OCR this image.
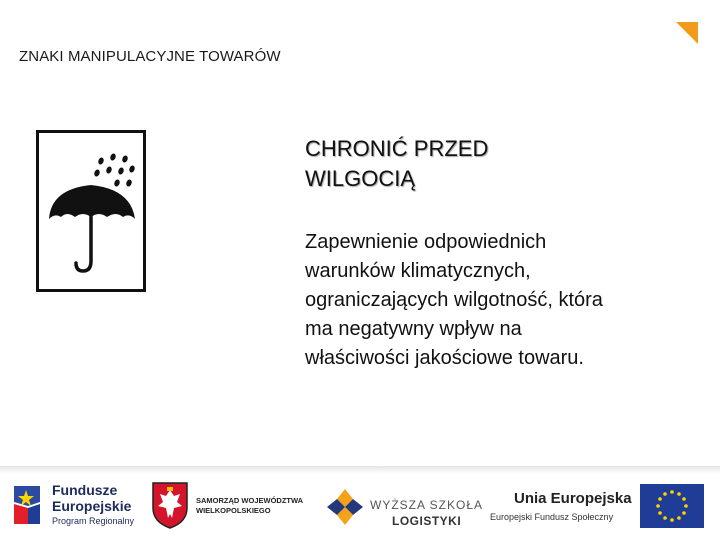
ZNAKI MANIPULACYJNE TOWARÓW
CHRONIĆ PRZED
WILGOCIĄ
Zapewnienie odpowiednich
warunków klimatycznych,
ograniczających wilgotność, która
ma negatywny wpływ na
właściwości jakościowe towaru.
Fundusze
Europejskie
Program Regionalny
SAMORZĄD WOJEWÓDZTWA
WIELKOPOLSKIEGO	WYŻSZA SZKOŁA
LOGISTYKI
Unia Europejska
Europejski Fundusz Społeczny
